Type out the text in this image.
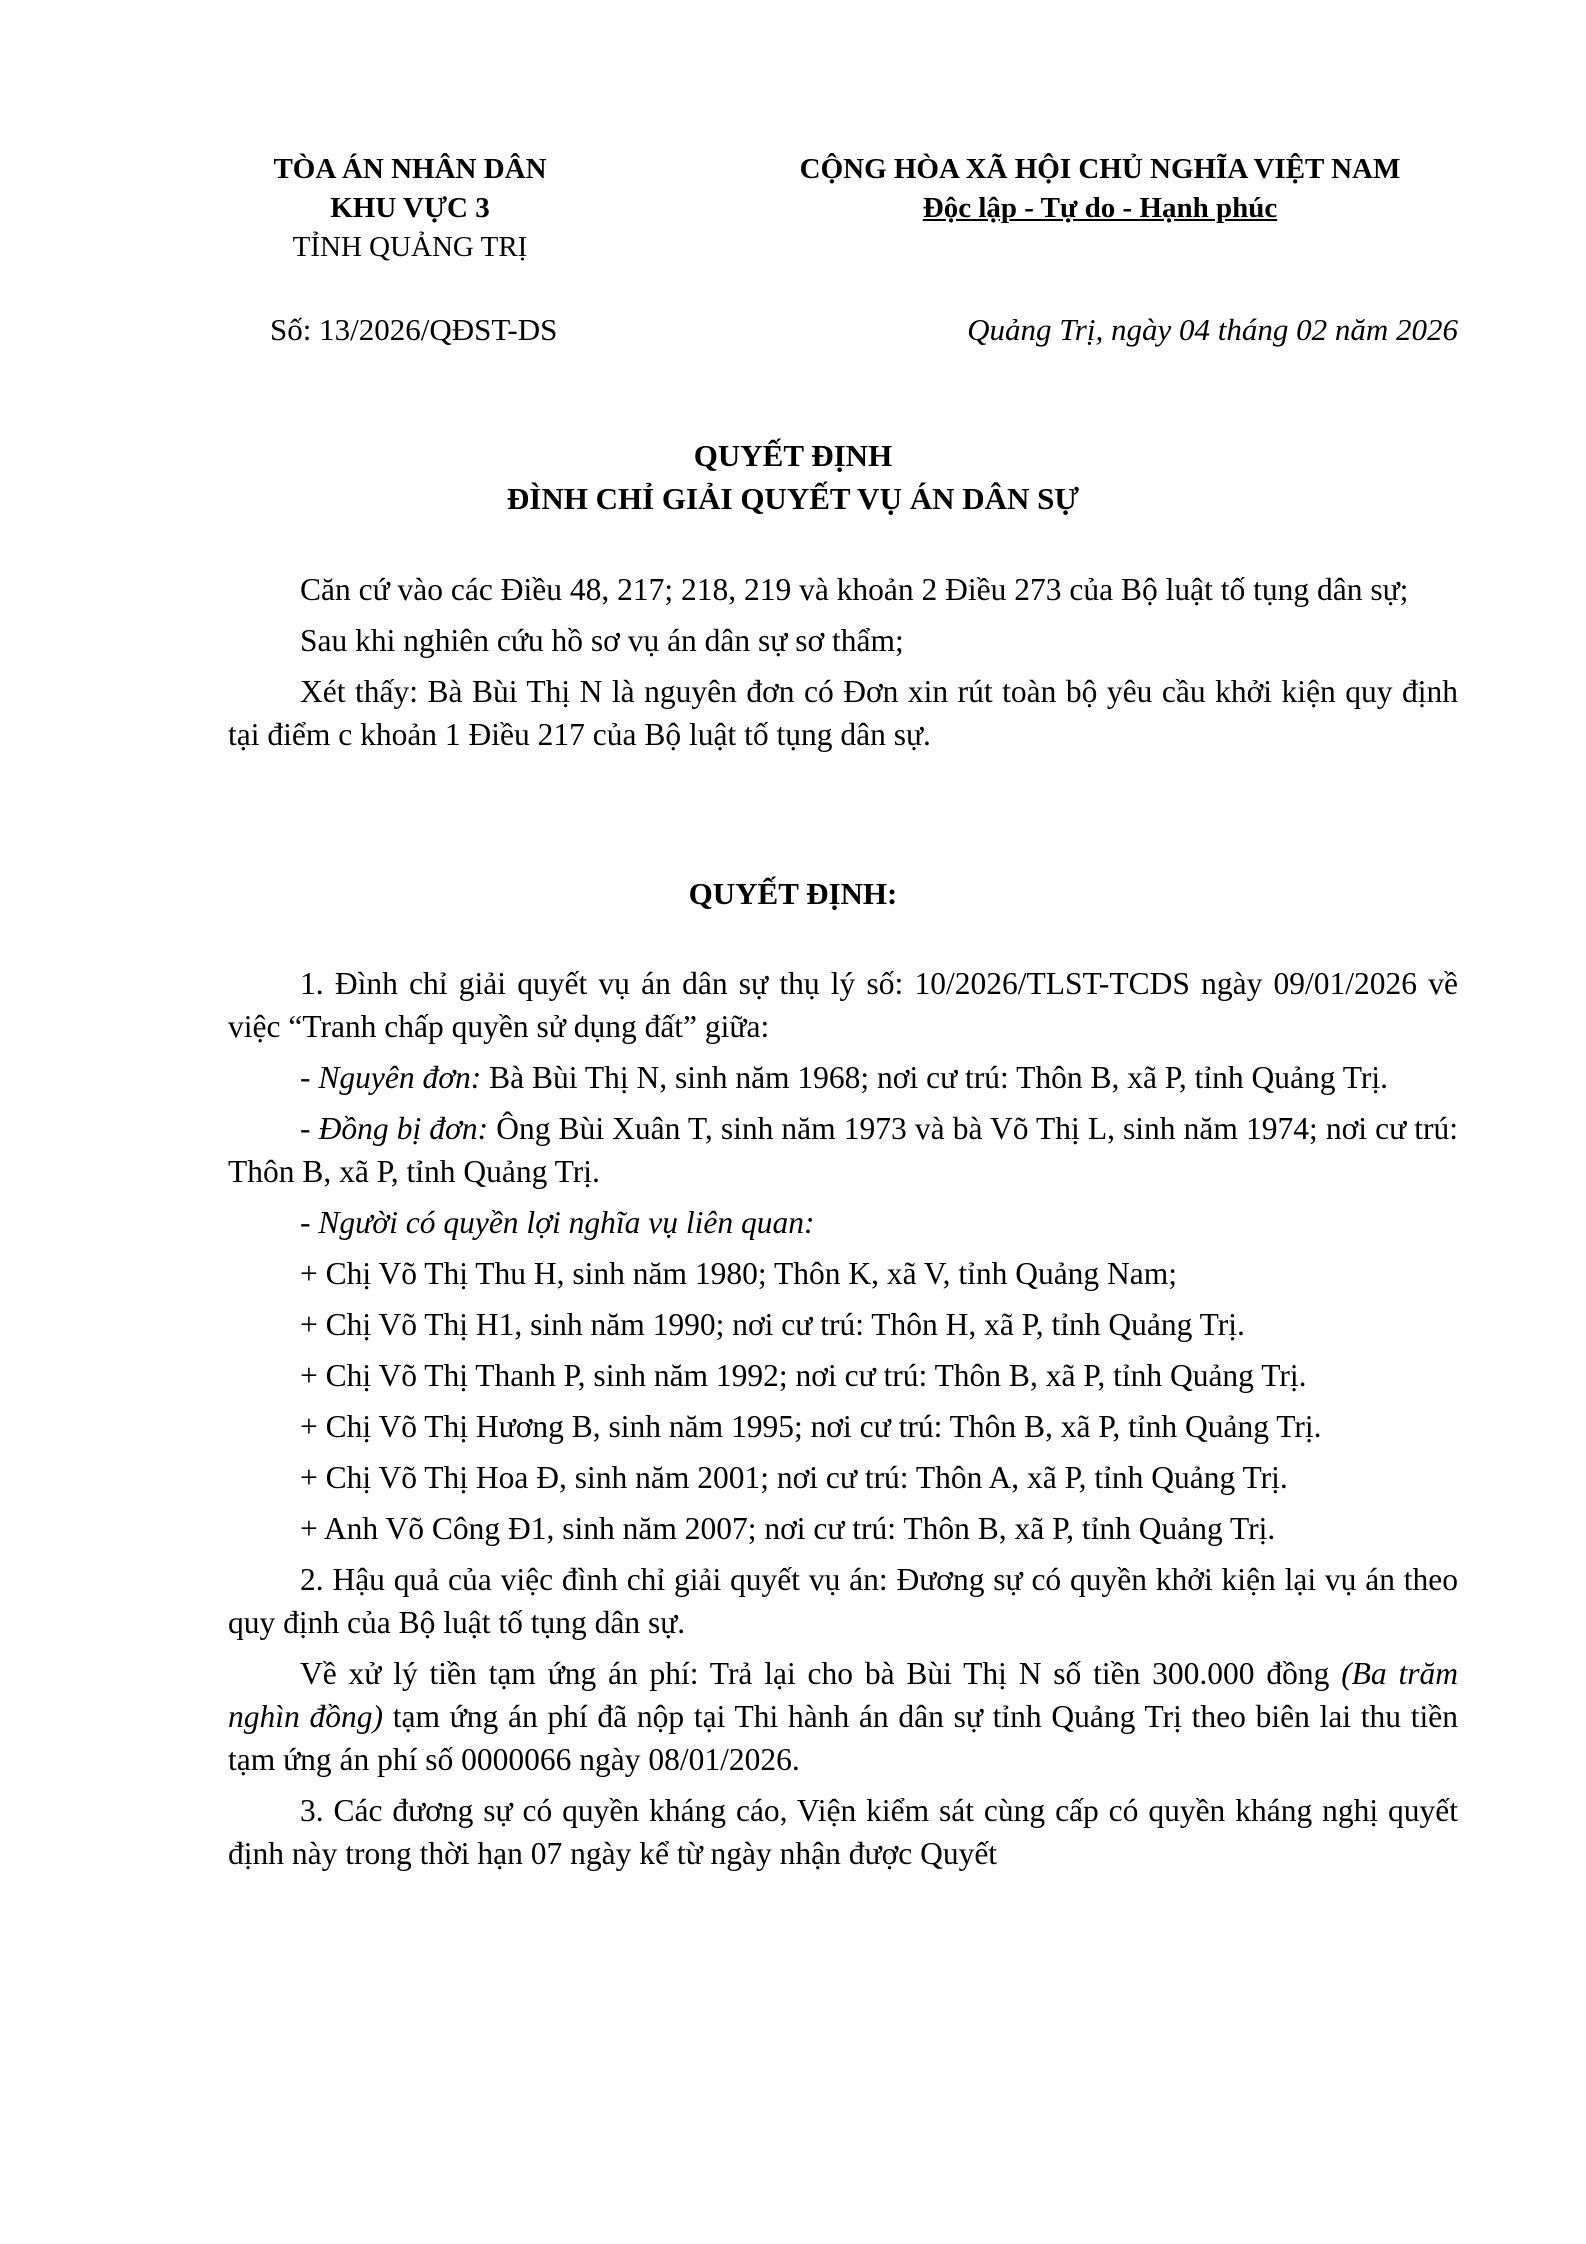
TÒA ÁN NHÂN DÂN
KHU VỰC 3
TỈNH QUẢNG TRỊ
CỘNG HÒA XÃ HỘI CHỦ NGHĨA VIỆT NAM
Độc lập - Tự do - Hạnh phúc
Số: 13/2026/QĐST-DS	Quảng Trị, ngày 04 tháng 02 năm 2026
QUYẾT ĐỊNH
ĐÌNH CHỈ GIẢI QUYẾT VỤ ÁN DÂN SỰ

Căn cứ vào các Điều 48, 217; 218, 219 và khoản 2 Điều 273 của Bộ luật tố tụng dân sự;

Sau khi nghiên cứu hồ sơ vụ án dân sự sơ thẩm;

Xét thấy: Bà Bùi Thị N là nguyên đơn có Đơn xin rút toàn bộ yêu cầu khởi kiện quy định tại điểm c khoản 1 Điều 217 của Bộ luật tố tụng dân sự.

QUYẾT ĐỊNH:

1. Đình chỉ giải quyết vụ án dân sự thụ lý số: 10/2026/TLST-TCDS ngày 09/01/2026 về việc “Tranh chấp quyền sử dụng đất” giữa:

- Nguyên đơn: Bà Bùi Thị N, sinh năm 1968; nơi cư trú: Thôn B, xã P, tỉnh Quảng Trị.

- Đồng bị đơn: Ông Bùi Xuân T, sinh năm 1973 và bà Võ Thị L, sinh năm 1974; nơi cư trú: Thôn B, xã P, tỉnh Quảng Trị.

- Người có quyền lợi nghĩa vụ liên quan:

+ Chị Võ Thị Thu H, sinh năm 1980; Thôn K, xã V, tỉnh Quảng Nam;

+ Chị Võ Thị H1, sinh năm 1990; nơi cư trú: Thôn H, xã P, tỉnh Quảng Trị.

+ Chị Võ Thị Thanh P, sinh năm 1992; nơi cư trú: Thôn B, xã P, tỉnh Quảng Trị.

+ Chị Võ Thị Hương B, sinh năm 1995; nơi cư trú: Thôn B, xã P, tỉnh Quảng Trị.

+ Chị Võ Thị Hoa Đ, sinh năm 2001; nơi cư trú: Thôn A, xã P, tỉnh Quảng Trị.

+ Anh Võ Công Đ1, sinh năm 2007; nơi cư trú: Thôn B, xã P, tỉnh Quảng Trị.

2. Hậu quả của việc đình chỉ giải quyết vụ án: Đương sự có quyền khởi kiện lại vụ án theo quy định của Bộ luật tố tụng dân sự.

Về xử lý tiền tạm ứng án phí: Trả lại cho bà Bùi Thị N số tiền 300.000 đồng (Ba trăm nghìn đồng) tạm ứng án phí đã nộp tại Thi hành án dân sự tỉnh Quảng Trị theo biên lai thu tiền tạm ứng án phí số 0000066 ngày 08/01/2026.

3. Các đương sự có quyền kháng cáo, Viện kiểm sát cùng cấp có quyền kháng nghị quyết định này trong thời hạn 07 ngày kể từ ngày nhận được Quyết
